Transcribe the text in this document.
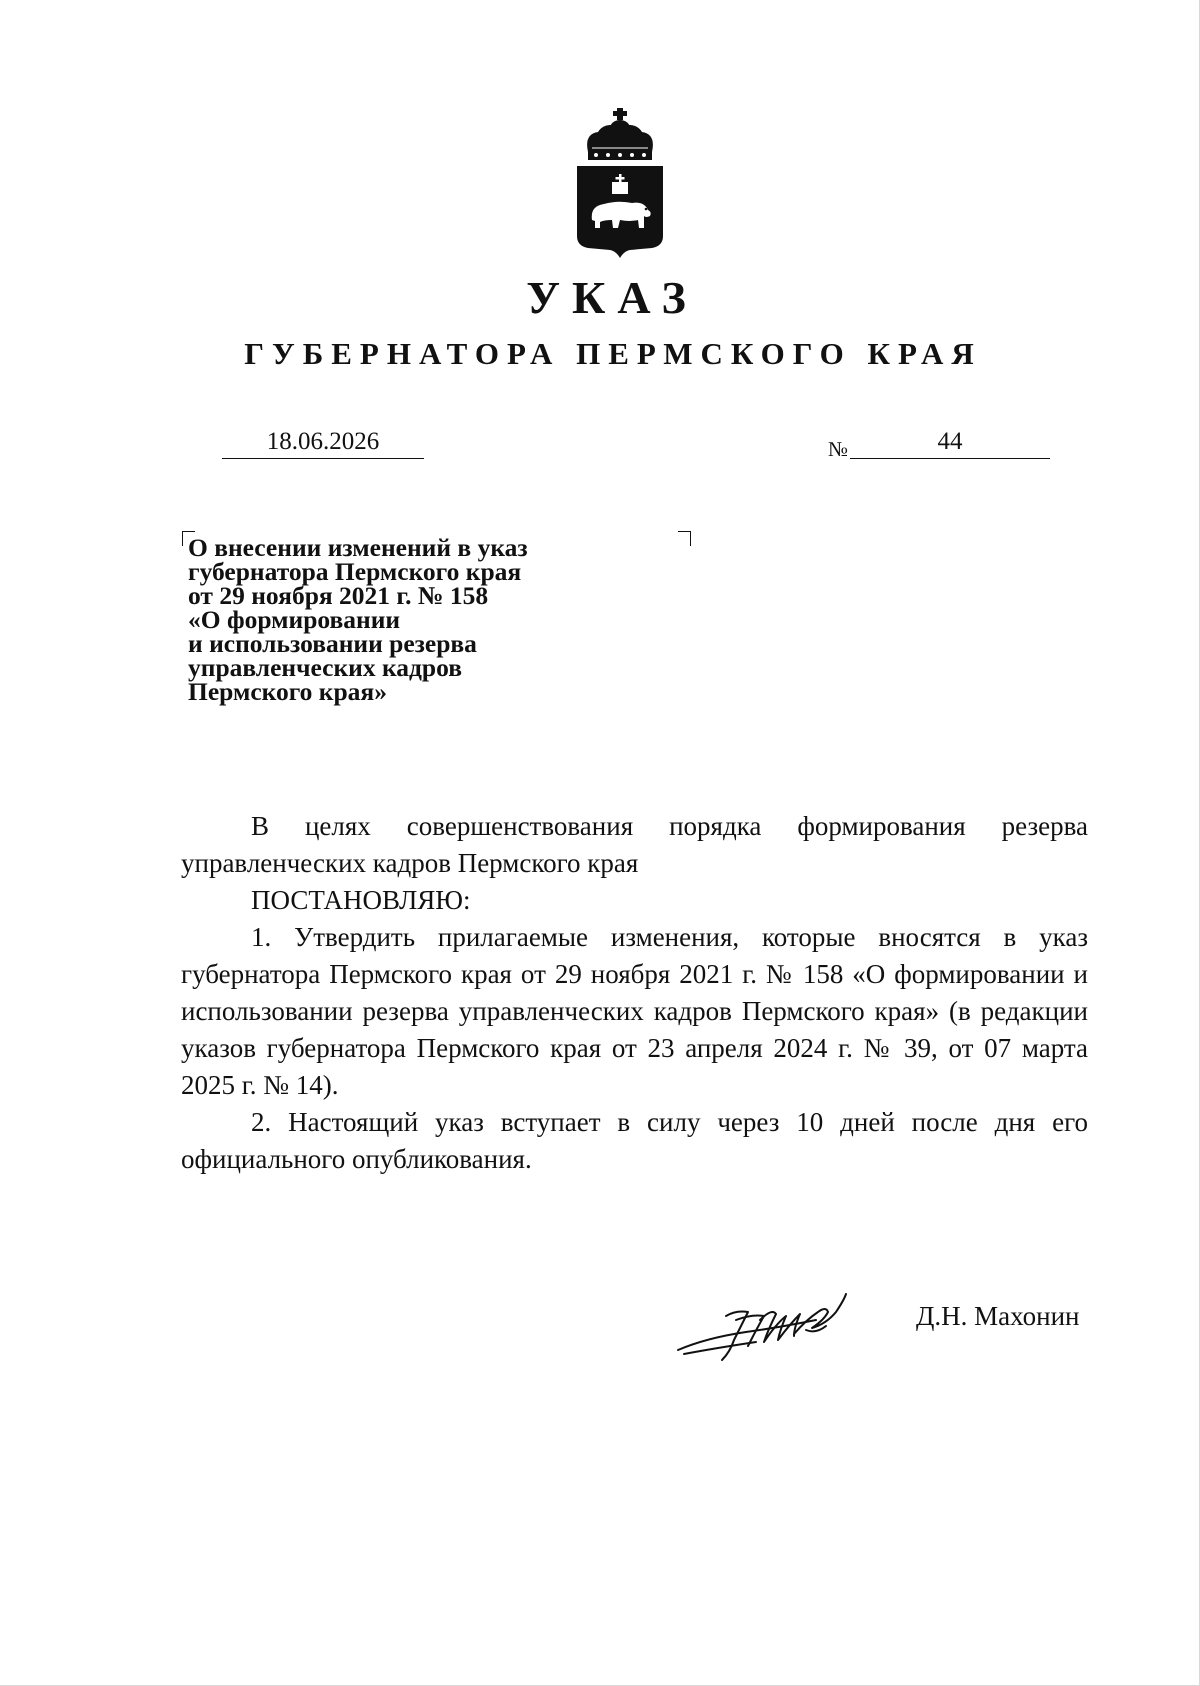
УКАЗ
ГУБЕРНАТОРА ПЕРМСКОГО КРАЯ
18.06.2026	№	44
О внесении изменений в указ
губернатора Пермского края
от 29 ноября 2021 г. № 158
«О формировании
и использовании резерва
управленческих кадров
Пермского края»

В целях совершенствования порядка формирования резерва управленческих кадров Пермского края

ПОСТАНОВЛЯЮ:

1. Утвердить прилагаемые изменения, которые вносятся в указ губернатора Пермского края от 29 ноября 2021 г. № 158 «О формировании и использовании резерва управленческих кадров Пермского края» (в редакции указов губернатора Пермского края от 23 апреля 2024 г. № 39, от 07 марта 2025 г. № 14).

2. Настоящий указ вступает в силу через 10 дней после дня его официального опубликования.

Д.Н. Махонин
